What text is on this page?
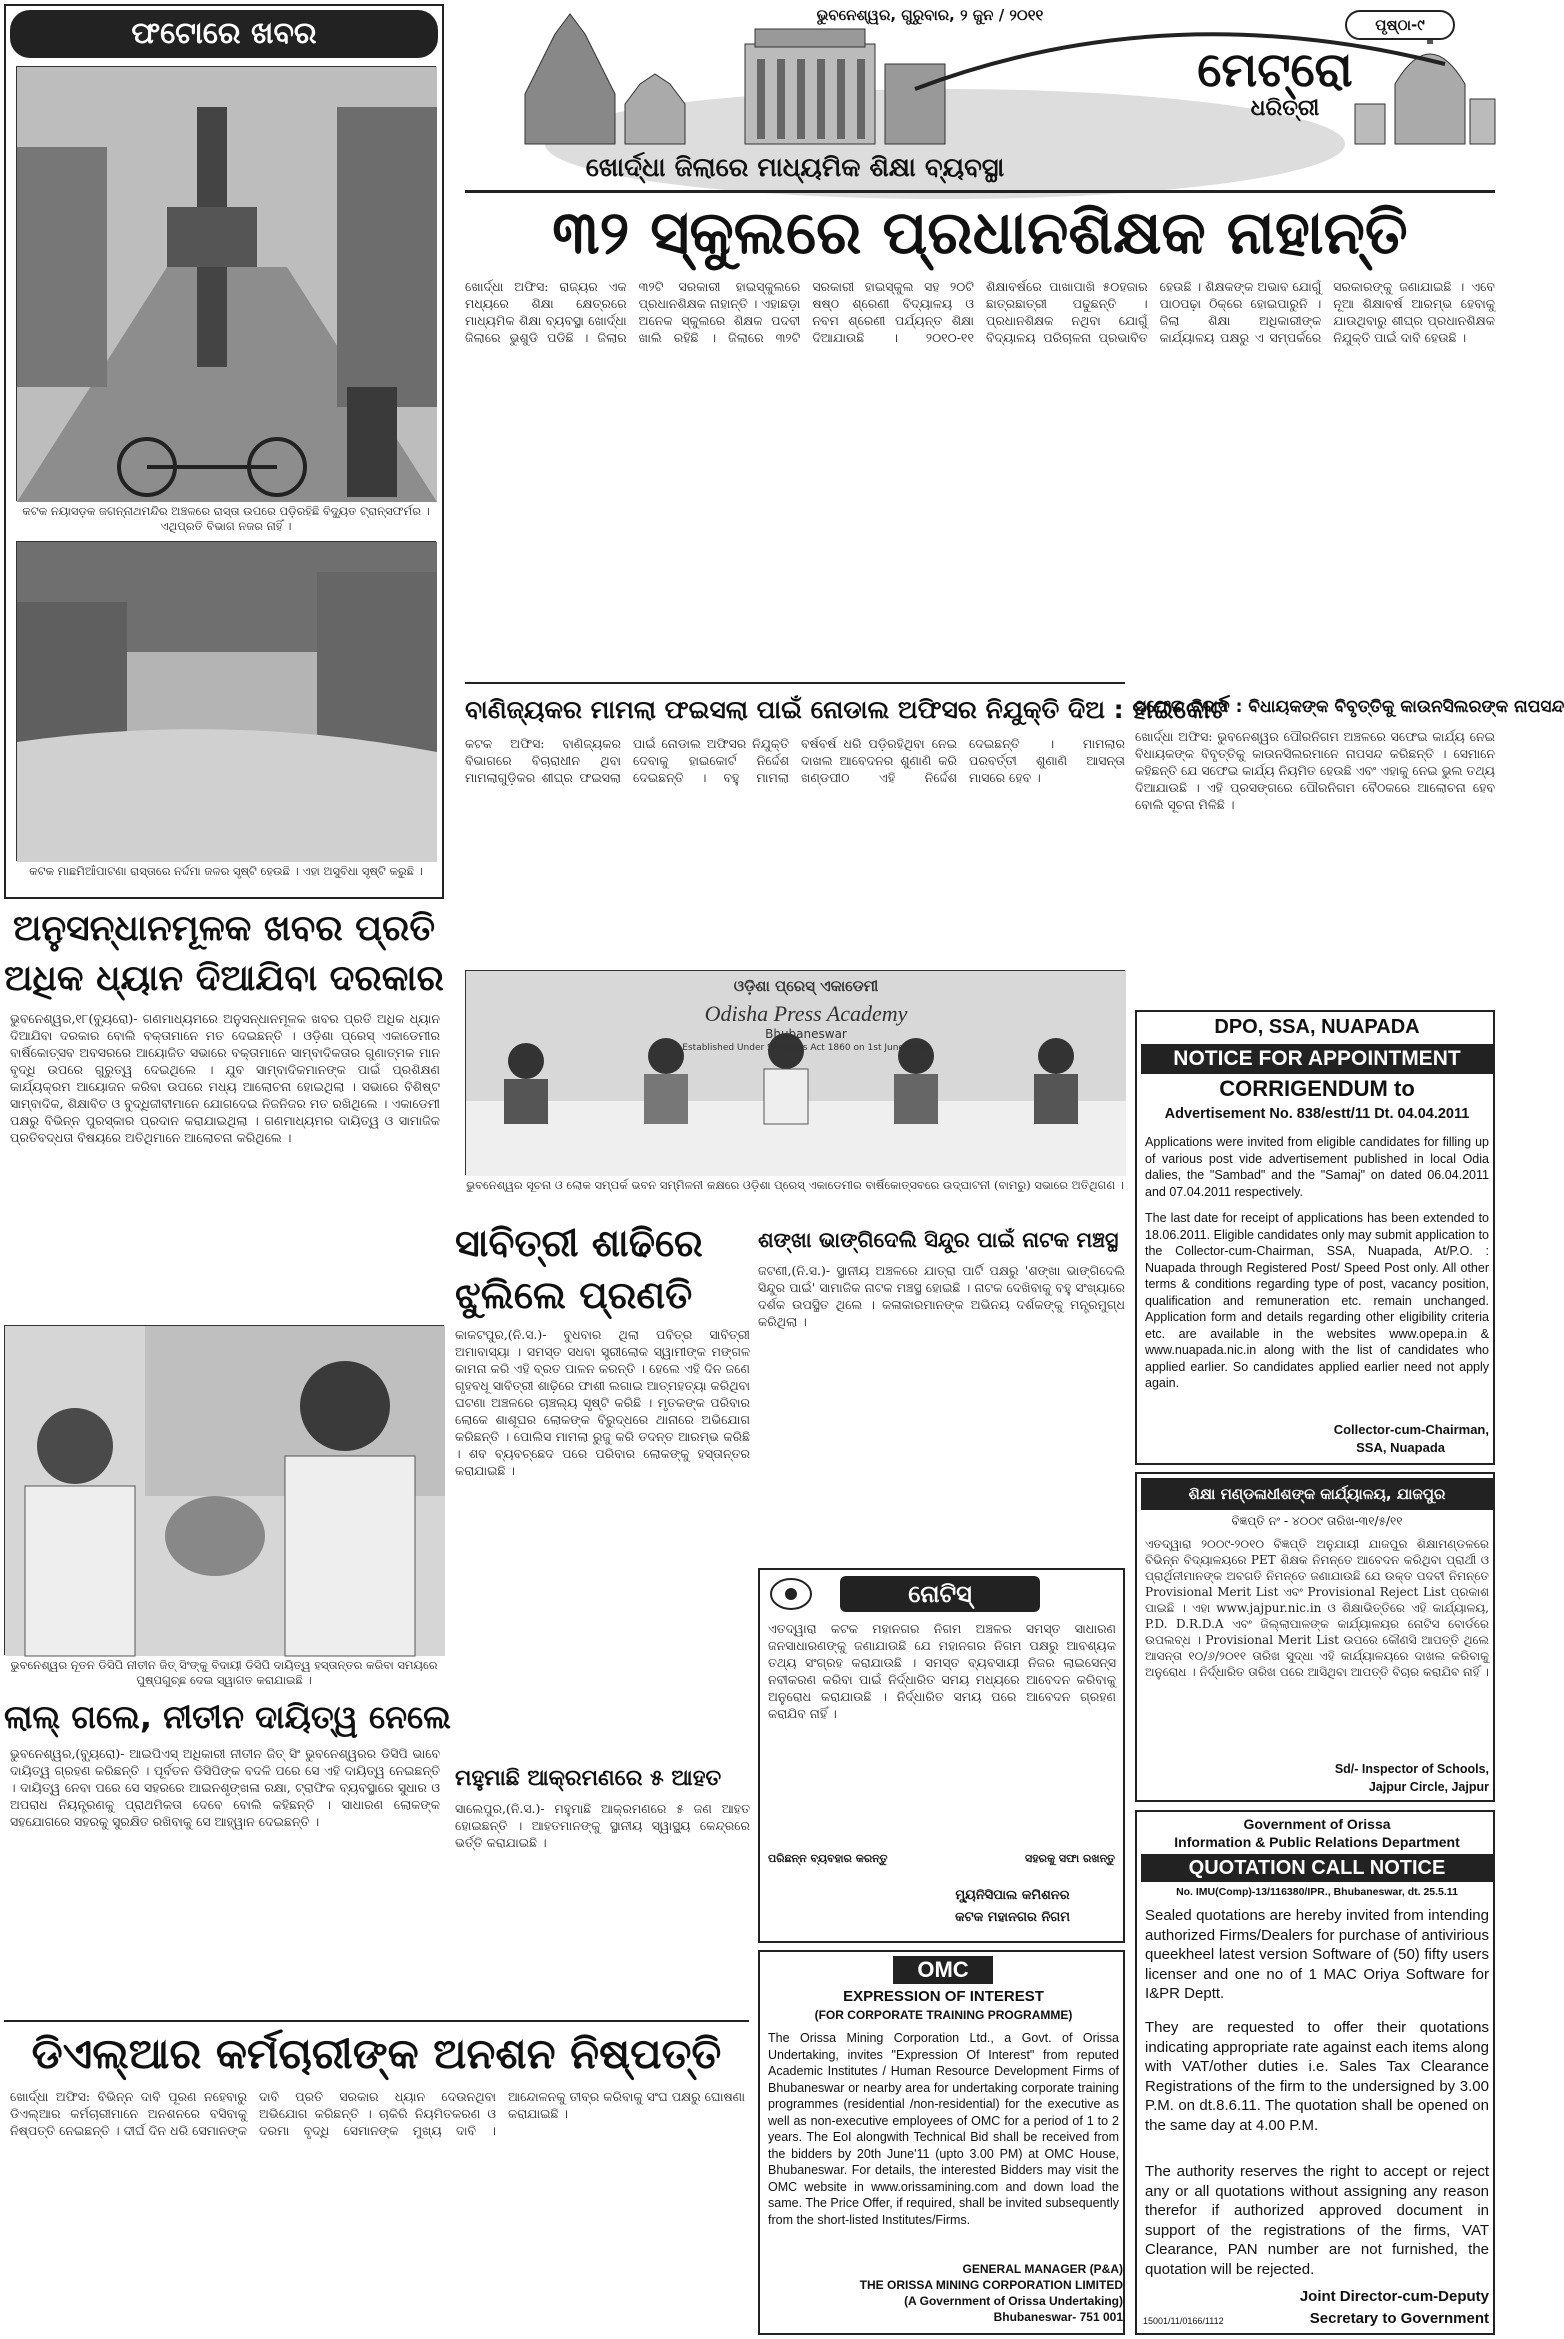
ଭୁବନେଶ୍ୱର, ଗୁରୁବାର, ୨ ଜୁନ / ୨୦୧୧
ପୃଷ୍ଠା-୯
ମେଟ୍ରୋ
ଧରିତ୍ରୀ
ଫଟୋରେ ଖବର
କଟକ ନୟାସଡ଼କ ଜଗନ୍ନାଥମନ୍ଦିର ଅଞ୍ଚଳରେ ରାସ୍ତା ଉପରେ ପଡ଼ିରହିଛି ବିଦ୍ୟୁତ ଟ୍ରାନ୍ସଫର୍ମର । ଏଥିପ୍ରତି ବିଭାଗ ନଜର ନାହିଁ ।
କଟକ ମାଛମିଆଁପାଟଣା ରାସ୍ତାରେ ନର୍ଦ୍ଦମା ଜଳର ସୃଷ୍ଟି ହେଉଛି । ଏହା ଅସୁବିଧା ସୃଷ୍ଟି କରୁଛି ।
ଖୋର୍ଦ୍ଧା ଜିଲାରେ ମାଧ୍ୟମିକ ଶିକ୍ଷା ବ୍ୟବସ୍ଥା
୩୨ ସ୍କୁଲରେ ପ୍ରଧାନଶିକ୍ଷକ ନାହାନ୍ତି
ଖୋର୍ଦ୍ଧା ଅଫିସ: ରାଜ୍ୟର ଏକ ମଧ୍ୟରେ ଶିକ୍ଷା କ୍ଷେତ୍ରରେ ମାଧ୍ୟମିକ ଶିକ୍ଷା ବ୍ୟବସ୍ଥା ଖୋର୍ଦ୍ଧା ଜିଲାରେ ଭୁଶୁଡି ପଡିଛି । ଜିଲାର ୩୨ଟି ସରକାରୀ ହାଇସ୍କୁଲରେ ପ୍ରଧାନଶିକ୍ଷକ ନାହାନ୍ତି । ଏହାଛଡ଼ା ଅନେକ ସ୍କୁଲରେ ଶିକ୍ଷକ ପଦବୀ ଖାଲି ରହିଛି । ଜିଲାରେ ୩୨ଟି ସରକାରୀ ହାଇସ୍କୁଲ ସହ ୨୦ଟି ଷଷ୍ଠ ଶ୍ରେଣୀ ବିଦ୍ୟାଳୟ ଓ ନବମ ଶ୍ରେଣୀ ପର୍ଯ୍ୟନ୍ତ ଶିକ୍ଷା ଦିଆଯାଉଛି । ୨୦୧୦-୧୧ ଶିକ୍ଷାବର୍ଷରେ ପାଖାପାଖି ୫୦ହଜାର ଛାତ୍ରଛାତ୍ରୀ ପଢୁଛନ୍ତି । ପ୍ରଧାନଶିକ୍ଷକ ନଥିବା ଯୋଗୁଁ ବିଦ୍ୟାଳୟ ପରିଚାଳନା ପ୍ରଭାବିତ ହେଉଛି । ଶିକ୍ଷକଙ୍କ ଅଭାବ ଯୋଗୁଁ ପାଠପଢ଼ା ଠିକ୍‌ରେ ହୋଇପାରୁନି । ଜିଲା ଶିକ୍ଷା ଅଧିକାରୀଙ୍କ କାର୍ଯ୍ୟାଳୟ ପକ୍ଷରୁ ଏ ସମ୍ପର୍କରେ ସରକାରଙ୍କୁ ଜଣାଯାଇଛି । ଏବେ ନୂଆ ଶିକ୍ଷାବର୍ଷ ଆରମ୍ଭ ହେବାକୁ ଯାଉଥିବାରୁ ଶୀଘ୍ର ପ୍ରଧାନଶିକ୍ଷକ ନିଯୁକ୍ତି ପାଇଁ ଦାବି ହେଉଛି ।
ବାଣିଜ୍ୟକର ମାମଲା ଫଇସଲା ପାଇଁ ନୋଡାଲ ଅଫିସର ନିଯୁକ୍ତି ଦିଅ : ହାଇକୋର୍ଟ
କଟକ ଅଫିସ: ବାଣିଜ୍ୟକର ବିଭାଗରେ ବିଚାରାଧୀନ ଥିବା ମାମଲାଗୁଡ଼ିକର ଶୀଘ୍ର ଫଇସଲା ପାଇଁ ନୋଡାଲ ଅଫିସର ନିଯୁକ୍ତି ଦେବାକୁ ହାଇକୋର୍ଟ ନିର୍ଦ୍ଦେଶ ଦେଇଛନ୍ତି । ବହୁ ମାମଲା ବର୍ଷବର୍ଷ ଧରି ପଡ଼ିରହିଥିବା ନେଇ ଦାଖଲ ଆବେଦନର ଶୁଣାଣି କରି ଖଣ୍ଡପୀଠ ଏହି ନିର୍ଦ୍ଦେଶ ଦେଇଛନ୍ତି । ମାମଲାର ପରବର୍ତ୍ତୀ ଶୁଣାଣି ଆସନ୍ତା ମାସରେ ହେବ ।
ସଫେଇ ବିବାଦ : ବିଧାୟକଙ୍କ ବିବୃତ୍ତିକୁ କାଉନସିଲରଙ୍କ ନାପସନ୍ଦ
ଖୋର୍ଦ୍ଧା ଅଫିସ: ଭୁବନେଶ୍ୱର ପୌରନିଗମ ଅଞ୍ଚଳରେ ସଫେଇ କାର୍ଯ୍ୟ ନେଇ ବିଧାୟକଙ୍କ ବିବୃତ୍ତିକୁ କାଉନସିଲରମାନେ ନାପସନ୍ଦ କରିଛନ୍ତି । ସେମାନେ କହିଛନ୍ତି ଯେ ସଫେଇ କାର୍ଯ୍ୟ ନିୟମିତ ହେଉଛି ଏବଂ ଏହାକୁ ନେଇ ଭୁଲ ତଥ୍ୟ ଦିଆଯାଉଛି । ଏହି ପ୍ରସଙ୍ଗରେ ପୌରନିଗମ ବୈଠକରେ ଆଲୋଚନା ହେବ ବୋଲି ସୂଚନା ମିଳିଛି ।
ଓଡ଼ିଶା ପ୍ରେସ୍ ଏକାଡେମୀ
Odisha Press Academy
Bhubaneswar
Established Under Societies Act 1860 on 1st June 1995
ଭୁବନେଶ୍ୱର ସୂଚନା ଓ ଲୋକ ସମ୍ପର୍କ ଭବନ ସମ୍ମିଳନୀ କକ୍ଷରେ ଓଡ଼ିଶା ପ୍ରେସ୍ ଏକାଡେମୀର ବାର୍ଷିକୋତ୍ସବରେ ଉଦ୍‌ଘାଟନୀ (ବାମରୁ) ସଭାରେ ଅତିଥିଗଣ ।
ଅନୁସନ୍ଧାନମୂଳକ ଖବର ପ୍ରତି
ଅଧିକ ଧ୍ୟାନ ଦିଆଯିବା ଦରକାର
ଭୁବନେଶ୍ୱର,୧୮(ବ୍ୟୁରୋ)- ଗଣମାଧ୍ୟମରେ ଅନୁସନ୍ଧାନମୂଳକ ଖବର ପ୍ରତି ଅଧିକ ଧ୍ୟାନ ଦିଆଯିବା ଦରକାର ବୋଲି ବକ୍ତାମାନେ ମତ ଦେଇଛନ୍ତି । ଓଡ଼ିଶା ପ୍ରେସ୍ ଏକାଡେମୀର ବାର୍ଷିକୋତ୍ସବ ଅବସରରେ ଆୟୋଜିତ ସଭାରେ ବକ୍ତାମାନେ ସାମ୍ବାଦିକତାର ଗୁଣାତ୍ମକ ମାନ ବୃଦ୍ଧି ଉପରେ ଗୁରୁତ୍ୱ ଦେଇଥିଲେ । ଯୁବ ସାମ୍ବାଦିକମାନଙ୍କ ପାଇଁ ପ୍ରଶିକ୍ଷଣ କାର୍ଯ୍ୟକ୍ରମ ଆୟୋଜନ କରିବା ଉପରେ ମଧ୍ୟ ଆଲୋଚନା ହୋଇଥିଲା । ସଭାରେ ବିଶିଷ୍ଟ ସାମ୍ବାଦିକ, ଶିକ୍ଷାବିତ ଓ ବୁଦ୍ଧିଜୀବୀମାନେ ଯୋଗଦେଇ ନିଜନିଜର ମତ ରଖିଥିଲେ । ଏକାଡେମୀ ପକ୍ଷରୁ ବିଭିନ୍ନ ପୁରସ୍କାର ପ୍ରଦାନ କରାଯାଇଥିଲା । ଗଣମାଧ୍ୟମର ଦାୟିତ୍ୱ ଓ ସାମାଜିକ ପ୍ରତିବଦ୍ଧତା ବିଷୟରେ ଅତିଥିମାନେ ଆଲୋଚନା କରିଥିଲେ ।
ଭୁବନେଶ୍ୱର ନୂତନ ଡିସିପି ନୀତୀନ ଜିତ୍ ସିଂଙ୍କୁ ବିଦାୟୀ ଡିସିପି ଦାୟିତ୍ୱ ହସ୍ତାନ୍ତର କରିବା ସମୟରେ ପୁଷ୍ପଗୁଚ୍ଛ ଦେଇ ସ୍ୱାଗତ କରାଯାଇଛି ।
ଲାଲ୍ ଗଲେ, ନୀତୀନ ଦାୟିତ୍ୱ ନେଲେ
ଭୁବନେଶ୍ୱର,(ବ୍ୟୁରୋ)- ଆଇପିଏସ୍ ଅଧିକାରୀ ନୀତୀନ ଜିତ୍ ସିଂ ଭୁବନେଶ୍ୱରର ଡିସିପି ଭାବେ ଦାୟିତ୍ୱ ଗ୍ରହଣ କରିଛନ୍ତି । ପୂର୍ବତନ ଡିସିପିଙ୍କ ବଦଳି ପରେ ସେ ଏହି ଦାୟିତ୍ୱ ନେଇଛନ୍ତି । ଦାୟିତ୍ୱ ନେବା ପରେ ସେ ସହରରେ ଆଇନଶୃଙ୍ଖଳା ରକ୍ଷା, ଟ୍ରାଫିକ ବ୍ୟବସ୍ଥାରେ ସୁଧାର ଓ ଅପରାଧ ନିୟନ୍ତ୍ରଣକୁ ପ୍ରାଥମିକତା ଦେବେ ବୋଲି କହିଛନ୍ତି । ସାଧାରଣ ଲୋକଙ୍କ ସହଯୋଗରେ ସହରକୁ ସୁରକ୍ଷିତ ରଖିବାକୁ ସେ ଆହ୍ୱାନ ଦେଇଛନ୍ତି ।
ସାବିତ୍ରୀ ଶାଢିରେ
ଝୁଲିଲେ ପ୍ରଣତି
କାକଟପୁର,(ନି.ସ.)- ବୁଧବାର ଥିଲା ପବିତ୍ର ସାବିତ୍ରୀ ଅମାବାସ୍ୟା । ସମସ୍ତ ସଧବା ସ୍ତ୍ରୀଲୋକ ସ୍ୱାମୀଙ୍କ ମଙ୍ଗଳ କାମନା କରି ଏହି ବ୍ରତ ପାଳନ କରନ୍ତି । ହେଲେ ଏହି ଦିନ ଜଣେ ଗୃହବଧୂ ସାବିତ୍ରୀ ଶାଢ଼ିରେ ଫାଶୀ ଲଗାଇ ଆତ୍ମହତ୍ୟା କରିଥିବା ଘଟଣା ଅଞ୍ଚଳରେ ଚାଞ୍ଚଲ୍ୟ ସୃଷ୍ଟି କରିଛି । ମୃତକଙ୍କ ପରିବାର ଲୋକେ ଶାଶୂଘର ଲୋକଙ୍କ ବିରୁଦ୍ଧରେ ଥାନାରେ ଅଭିଯୋଗ କରିଛନ୍ତି । ପୋଲିସ ମାମଲା ରୁଜୁ କରି ତଦନ୍ତ ଆରମ୍ଭ କରିଛି । ଶବ ବ୍ୟବଚ୍ଛେଦ ପରେ ପରିବାର ଲୋକଙ୍କୁ ହସ୍ତାନ୍ତର କରାଯାଇଛି ।
ଶଙ୍ଖା ଭାଙ୍ଗିଦେଲି ସିନ୍ଦୁର ପାଇଁ ନାଟକ ମଞ୍ଚସ୍ଥ
ଜଟଣୀ,(ନି.ସ.)- ସ୍ଥାନୀୟ ଅଞ୍ଚଳରେ ଯାତ୍ରା ପାର୍ଟି ପକ୍ଷରୁ 'ଶଙ୍ଖା ଭାଙ୍ଗିଦେଲି ସିନ୍ଦୁର ପାଇଁ' ସାମାଜିକ ନାଟକ ମଞ୍ଚସ୍ଥ ହୋଇଛି । ନାଟକ ଦେଖିବାକୁ ବହୁ ସଂଖ୍ୟାରେ ଦର୍ଶକ ଉପସ୍ଥିତ ଥିଲେ । କଳାକାରମାନଙ୍କ ଅଭିନୟ ଦର୍ଶକଙ୍କୁ ମନ୍ତ୍ରମୁଗ୍ଧ କରିଥିଲା ।
ନୋଟିସ୍
ଏତଦ୍ୱାରା କଟକ ମହାନଗର ନିଗମ ଅଞ୍ଚଳର ସମସ୍ତ ସାଧାରଣ ଜନସାଧାରଣଙ୍କୁ ଜଣାଯାଉଛି ଯେ ମହାନଗର ନିଗମ ପକ୍ଷରୁ ଆବଶ୍ୟକ ତଥ୍ୟ ସଂଗ୍ରହ କରାଯାଉଛି । ସମସ୍ତ ବ୍ୟବସାୟୀ ନିଜର ଲାଇସେନ୍ସ ନବୀକରଣ କରିବା ପାଇଁ ନିର୍ଦ୍ଧାରିତ ସମୟ ମଧ୍ୟରେ ଆବେଦନ କରିବାକୁ ଅନୁରୋଧ କରାଯାଉଛି । ନିର୍ଦ୍ଧାରିତ ସମୟ ପରେ ଆବେଦନ ଗ୍ରହଣ କରାଯିବ ନାହିଁ ।
ପରିଛନ୍ନ ବ୍ୟବହାର କରନ୍ତୁ	ସହରକୁ ସଫା ରଖନ୍ତୁ
ମ୍ୟୁନିସିପାଲ କମିଶନର
କଟକ ମହାନଗର ନିଗମ
ମହୁମାଛି ଆକ୍ରମଣରେ ୫ ଆହତ
ସାଲେପୁର,(ନି.ସ.)- ମହୁମାଛି ଆକ୍ରମଣରେ ୫ ଜଣ ଆହତ ହୋଇଛନ୍ତି । ଆହତମାନଙ୍କୁ ସ୍ଥାନୀୟ ସ୍ୱାସ୍ଥ୍ୟ କେନ୍ଦ୍ରରେ ଭର୍ତ୍ତି କରାଯାଇଛି ।
ଡିଏଲ୍‌ଆର କର୍ମଚାରୀଙ୍କ ଅନଶନ ନିଷ୍ପତ୍ତି
ଖୋର୍ଦ୍ଧା ଅଫିସ: ବିଭିନ୍ନ ଦାବି ପୂରଣ ନହେବାରୁ ଡିଏଲ୍‌ଆର କର୍ମଚାରୀମାନେ ଅନଶନରେ ବସିବାକୁ ନିଷ୍ପତ୍ତି ନେଇଛନ୍ତି । ଦୀର୍ଘ ଦିନ ଧରି ସେମାନଙ୍କ ଦାବି ପ୍ରତି ସରକାର ଧ୍ୟାନ ଦେଉନଥିବା ଅଭିଯୋଗ କରିଛନ୍ତି । ଚାକିରି ନିୟମିତକରଣ ଓ ଦରମା ବୃଦ୍ଧି ସେମାନଙ୍କ ମୁଖ୍ୟ ଦାବି । ଆନ୍ଦୋଳନକୁ ତୀବ୍ର କରିବାକୁ ସଂଘ ପକ୍ଷରୁ ଘୋଷଣା କରାଯାଇଛି ।
OMC
EXPRESSION OF INTEREST
(FOR CORPORATE TRAINING PROGRAMME)
The Orissa Mining Corporation Ltd., a Govt. of Orissa Undertaking, invites "Expression Of Interest" from reputed Academic Institutes / Human Resource Development Firms of Bhubaneswar or nearby area for undertaking corporate training programmes (residential /non-residential) for the executive as well as non-executive employees of OMC for a period of 1 to 2 years. The EoI alongwith Technical Bid shall be received from the bidders by 20th June'11 (upto 3.00 PM) at OMC House, Bhubaneswar. For details, the interested Bidders may visit the OMC website in www.orissamining.com and down load the same. The Price Offer, if required, shall be invited subsequently from the short-listed Institutes/Firms.
GENERAL MANAGER (P&A)
THE ORISSA MINING CORPORATION LIMITED
(A Government of Orissa Undertaking)
Bhubaneswar- 751 001
DPO, SSA, NUAPADA
NOTICE FOR APPOINTMENT
CORRIGENDUM to
Advertisement No. 838/estt/11 Dt. 04.04.2011
Applications were invited from eligible candidates for filling up of various post vide advertisement published in local Odia dalies, the "Sambad" and the "Samaj" on dated 06.04.2011 and 07.04.2011 respectively.
The last date for receipt of applications has been extended to 18.06.2011. Eligible candidates only may submit application to the Collector-cum-Chairman, SSA, Nuapada, At/P.O. : Nuapada through Registered Post/ Speed Post only. All other terms & conditions regarding type of post, vacancy position, qualification and remuneration etc. remain unchanged. Application form and details regarding other eligibility criteria etc. are available in the websites www.opepa.in & www.nuapada.nic.in along with the list of candidates who applied earlier. So candidates applied earlier need not apply again.
Collector-cum-Chairman,
SSA, Nuapada
ଶିକ୍ଷା ମଣ୍ଡଳାଧୀଶଙ୍କ କାର୍ଯ୍ୟାଳୟ, ଯାଜପୁର
ବିଜ୍ଞପ୍ତି ନଂ - ୪୦୦୯ ତାରିଖ-୩୧/୫/୧୧
ଏତଦ୍ୱାରା ୨୦୦୯-୨୦୧୦ ବିଜ୍ଞପ୍ତି ଅନୁଯାୟୀ ଯାଜପୁର ଶିକ୍ଷାମଣ୍ଡଳରେ ବିଭିନ୍ନ ବିଦ୍ୟାଳୟରେ PET ଶିକ୍ଷକ ନିମନ୍ତେ ଆବେଦନ କରିଥିବା ପ୍ରାର୍ଥୀ ଓ ପ୍ରାର୍ଥିନୀମାନଙ୍କ ଅବଗତି ନିମନ୍ତେ ଜଣାଯାଉଛି ଯେ ଉକ୍ତ ପଦବୀ ନିମନ୍ତେ Provisional Merit List ଏବଂ Provisional Reject List ପ୍ରକାଶ ପାଇଛି । ଏହା www.jajpur.nic.in ଓ ଶିକ୍ଷାଭିତ୍ତିରେ ଏହି କାର୍ଯ୍ୟାଳୟ, P.D. D.R.D.A ଏବଂ ଜିଲ୍ଲାପାଳଙ୍କ କାର୍ଯ୍ୟାଳୟର ନୋଟିସ ବୋର୍ଡରେ ଉପଲବ୍ଧ । Provisional Merit List ଉପରେ କୌଣସି ଆପତ୍ତି ଥିଲେ ଆସନ୍ତା ୧୦/୬/୨୦୧୧ ତାରିଖ ସୁଦ୍ଧା ଏହି କାର୍ଯ୍ୟାଳୟରେ ଦାଖଲ କରିବାକୁ ଅନୁରୋଧ । ନିର୍ଦ୍ଧାରିତ ତାରିଖ ପରେ ଆସିଥିବା ଆପତ୍ତି ବିଚାର କରାଯିବ ନାହିଁ ।
Sd/- Inspector of Schools,
Jajpur Circle, Jajpur
Government of Orissa
Information & Public Relations Department
QUOTATION CALL NOTICE
No. IMU(Comp)-13/116380/IPR., Bhubaneswar, dt. 25.5.11
Sealed quotations are hereby invited from intending authorized Firms/Dealers for purchase of antivirious queekheel latest version Software of (50) fifty users licenser and one no of 1 MAC Oriya Software for I&PR Deptt.
They are requested to offer their quotations indicating appropriate rate against each items along with VAT/other duties i.e. Sales Tax Clearance Registrations of the firm to the undersigned by 3.00 P.M. on dt.8.6.11. The quotation shall be opened on the same day at 4.00 P.M.
The authority reserves the right to accept or reject any or all quotations without assigning any reason therefor if authorized approved document in support of the registrations of the firms, VAT Clearance, PAN number are not furnished, the quotation will be rejected.
Joint Director-cum-Deputy
Secretary to Government
15001/11/0166/1112
